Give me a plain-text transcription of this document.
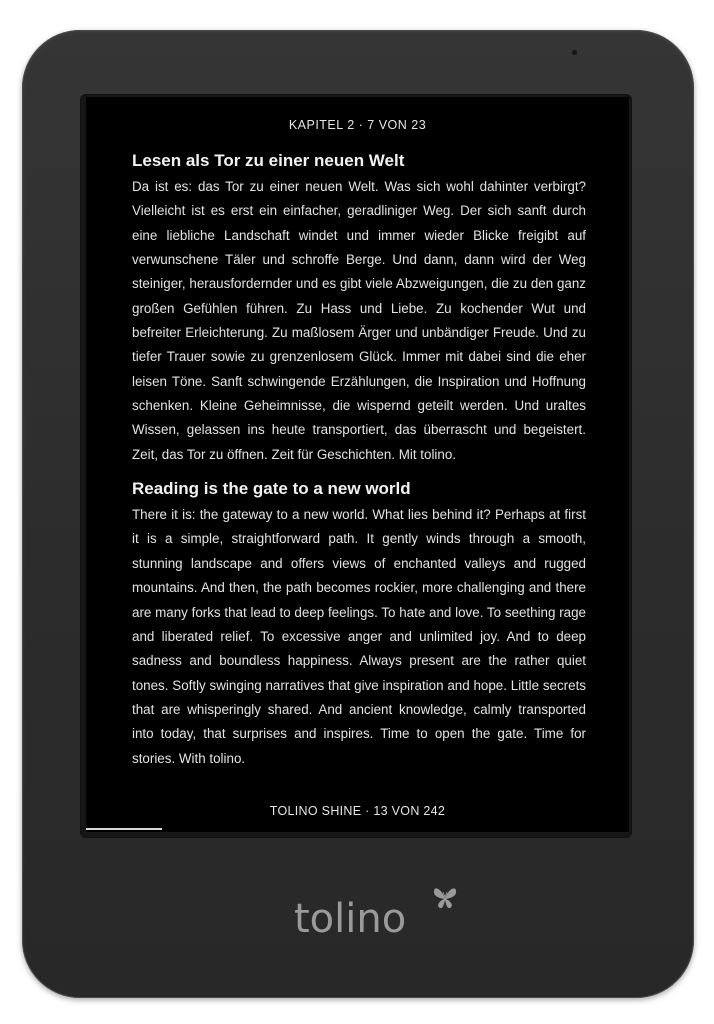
tolino
KAPITEL 2 · 7 VON 23
Lesen als Tor zu einer neuen Welt
Da ist es: das Tor zu einer neuen Welt. Was sich wohl dahinter verbirgt? Vielleicht ist es erst ein einfacher, geradliniger Weg. Der sich sanft durch eine liebliche Landschaft windet und immer wieder Blicke freigibt auf verwunschene Täler und schroffe Berge. Und dann, dann wird der Weg steiniger, herausfordernder und es gibt viele Abzweigungen, die zu den ganz großen Gefühlen führen. Zu Hass und Liebe. Zu kochender Wut und befreiter Erleichterung. Zu maßlosem Ärger und unbändiger Freude. Und zu tiefer Trauer sowie zu grenzenlosem Glück. Immer mit dabei sind die eher leisen Töne. Sanft schwingende Erzählungen, die Inspiration und Hoffnung schenken. Kleine Geheimnisse, die wispernd geteilt werden. Und uraltes Wissen, gelassen ins heute transportiert, das überrascht und begeistert. Zeit, das Tor zu öffnen. Zeit für Geschichten. Mit tolino.
Reading is the gate to a new world
There it is: the gateway to a new world. What lies behind it? Perhaps at first it is a simple, straightforward path. It gently winds through a smooth, stunning landscape and offers views of enchanted valleys and rugged mountains. And then, the path becomes rockier, more challenging and there are many forks that lead to deep feelings. To hate and love. To seething rage and liberated relief. To excessive anger and unlimited joy. And to deep sadness and boundless happiness. Always present are the rather quiet tones. Softly swinging narratives that give inspiration and hope. Little secrets that are whisperingly shared. And ancient knowledge, calmly transported into today, that surprises and inspires. Time to open the gate. Time for stories. With tolino.
TOLINO SHINE · 13 VON 242
